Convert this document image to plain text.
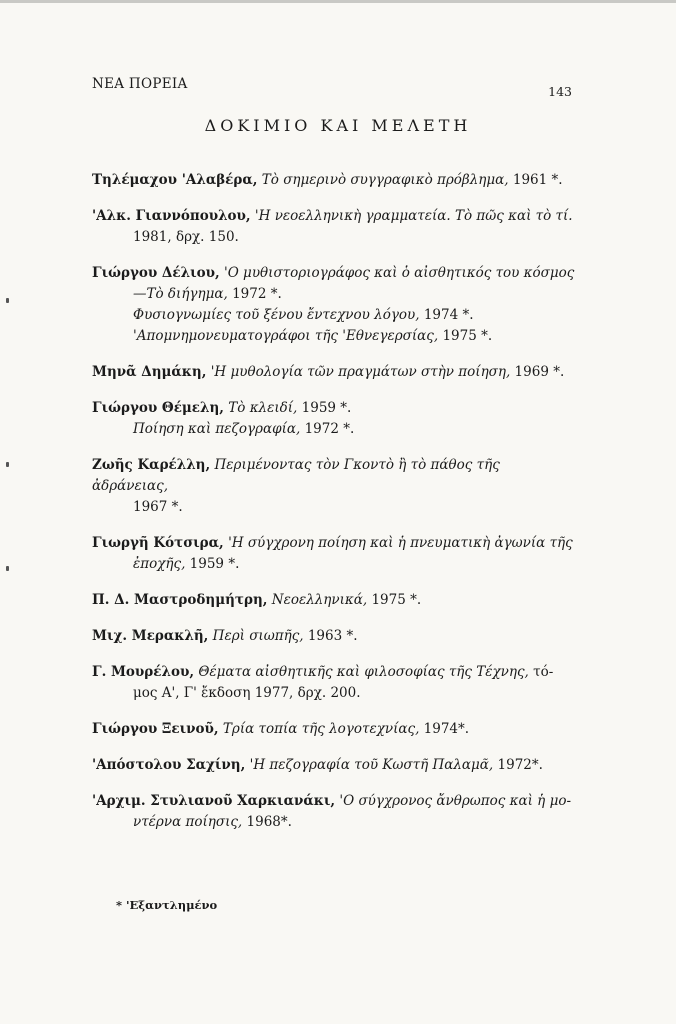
ΝΕΑ ΠΟΡΕΙΑ	143
ΔΟΚΙΜΙΟ ΚΑΙ ΜΕΛΕΤΗ
Τηλέμαχου 'Αλαβέρα, Τὸ σημερινὸ συγγραφικὸ πρόβλημα, 1961 *.
'Αλκ. Γιαννόπουλου, 'Η νεοελληνικὴ γραμματεία. Τὸ πῶς καὶ τὸ τί.
1981, δρχ. 150.
Γιώργου Δέλιου, 'Ο μυθιστοριογράφος καὶ ὁ αἰσθητικός του κόσμος
—Τὸ διήγημα, 1972 *.
Φυσιογνωμίες τοῦ ξένου ἔντεχνου λόγου, 1974 *.
'Απομνημονευματογράφοι τῆς 'Εθνεγερσίας, 1975 *.
Μηνᾶ Δημάκη, 'Η μυθολογία τῶν πραγμάτων στὴν ποίηση, 1969 *.
Γιώργου Θέμελη, Τὸ κλειδί, 1959 *.
Ποίηση καὶ πεζογραφία, 1972 *.
Ζωῆς Καρέλλη, Περιμένοντας τὸν Γκοντὸ ἢ τὸ πάθος τῆς ἀδράνειας,
1967 *.
Γιωργῆ Κότσιρα, 'Η σύγχρονη ποίηση καὶ ἡ πνευματικὴ ἀγωνία τῆς
ἐποχῆς, 1959 *.
Π. Δ. Μαστροδημήτρη, Νεοελληνικά, 1975 *.
Μιχ. Μερακλῆ, Περὶ σιωπῆς, 1963 *.
Γ. Μουρέλου, Θέματα αἰσθητικῆς καὶ φιλοσοφίας τῆς Τέχνης, τό-
μος Α', Γ' ἔκδοση 1977, δρχ. 200.
Γιώργου Ξεινοῦ, Τρία τοπία τῆς λογοτεχνίας, 1974*.
'Απόστολου Σαχίνη, 'Η πεζογραφία τοῦ Κωστῆ Παλαμᾶ, 1972*.
'Αρχιμ. Στυλιανοῦ Χαρκιανάκι, 'Ο σύγχρονος ἄνθρωπος καὶ ἡ μο-
ντέρνα ποίησις, 1968*.
* 'Εξαντλημένο
